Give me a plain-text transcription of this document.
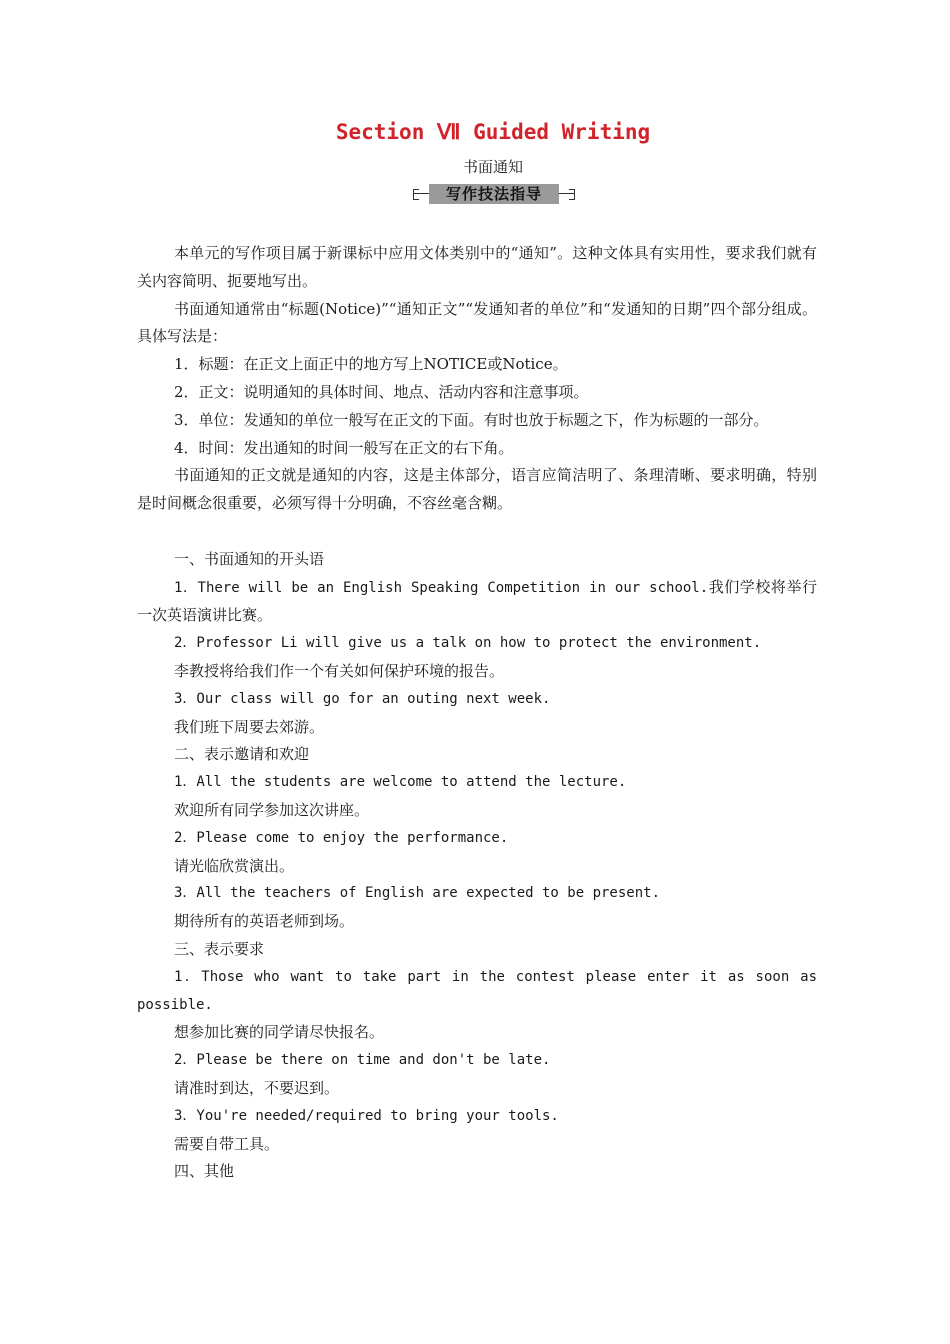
Section Ⅶ Guided Writing
书面通知
写作技法指导

本单元的写作项目属于新课标中应用文体类别中的“通知”。这种文体具有实用性，要求我们就有关内容简明、扼要地写出。

书面通知通常由“标题(Notice)”“通知正文”“发通知者的单位”和“发通知的日期”四个部分组成。具体写法是：

1．标题：在正文上面正中的地方写上NOTICE或Notice。

2．正文：说明通知的具体时间、地点、活动内容和注意事项。

3．单位：发通知的单位一般写在正文的下面。有时也放于标题之下，作为标题的一部分。

4．时间：发出通知的时间一般写在正文的右下角。

书面通知的正文就是通知的内容，这是主体部分，语言应简洁明了、条理清晰、要求明确，特别是时间概念很重要，必须写得十分明确，不容丝毫含糊。

一、书面通知的开头语

1．There will be an English Speaking Competition in our school.我们学校将举行一次英语演讲比赛。

2．Professor Li will give us a talk on how to protect the environment.

李教授将给我们作一个有关如何保护环境的报告。

3．Our class will go for an outing next week.

我们班下周要去郊游。

二、表示邀请和欢迎

1．All the students are welcome to attend the lecture.

欢迎所有同学参加这次讲座。

2．Please come to enjoy the performance.

请光临欣赏演出。

3．All the teachers of English are expected to be present.

期待所有的英语老师到场。

三、表示要求

1．Those who want to take part in the contest please enter it as soon as

possible.

想参加比赛的同学请尽快报名。

2．Please be there on time and don't be late.

请准时到达，不要迟到。

3．You're needed/required to bring your tools.

需要自带工具。

四、其他
